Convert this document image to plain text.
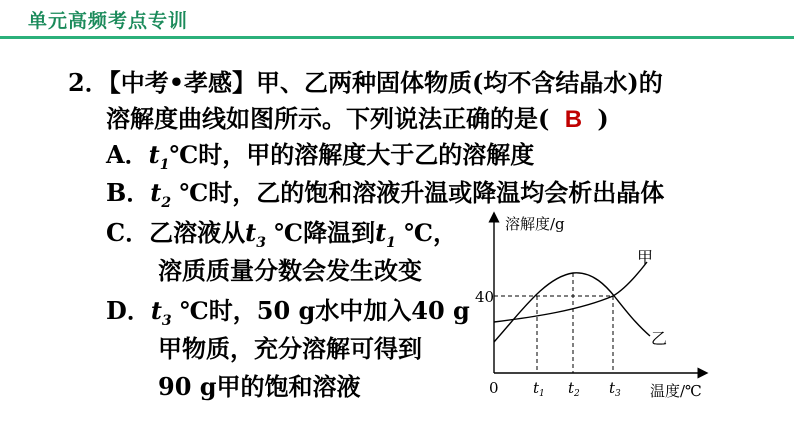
单元高频考点专训
2．【中考•孝感】甲、乙两种固体物质(均不含结晶水)的
溶解度曲线如图所示。下列说法正确的是( B )
A．$t_1℃$时，甲的溶解度大于乙的溶解度
B．$t_2$ ℃时，乙的饱和溶液升温或降温均会析出晶体
C．乙溶液从$t_3$ ℃降温到$t_1$ ℃，
溶质质量分数会发生改变
D．$t_3$ ℃时，50 g水中加入40 g
甲物质，充分溶解可得到
90 g甲的饱和溶液
溶解度/g
温度/℃
0
40
$t_1$ $t_2$ $t_3$
甲
乙
